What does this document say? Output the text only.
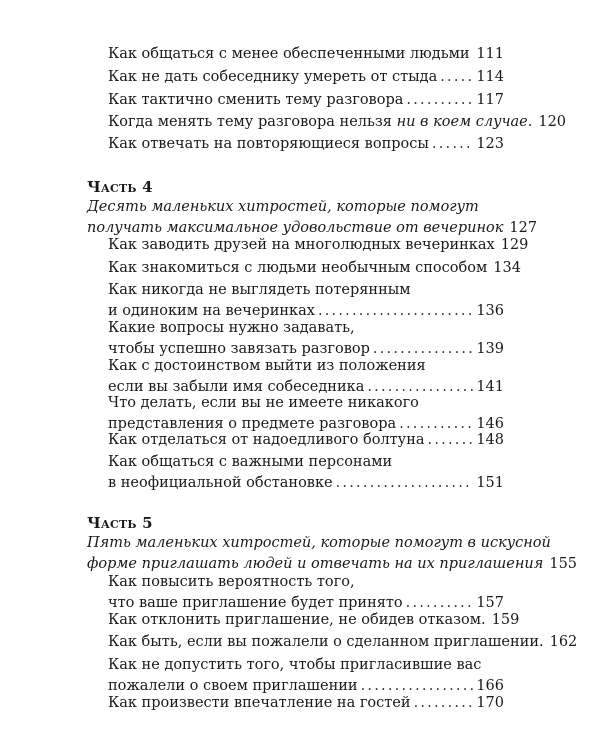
Как общаться с менее обеспеченными людьми ..... 111
Как не дать собеседнику умереть от стыда .....	114
Как тактично сменить тему разговора .....	117
Когда менять тему разговора нельзя ни в коем случае. 120
Как отвечать на повторяющиеся вопросы .....	123
Часть 4
Десять маленьких хитростей, которые помогут
получать максимальное удовольствие от вечеринок 127
Как заводить друзей на многолюдных вечеринках 129
Как знакомиться с людьми необычным способом 134
Как никогда не выглядеть потерянным
и одиноким на вечеринках .....	136
Какие вопросы нужно задавать,
чтобы успешно завязать разговор .....	139
Как с достоинством выйти из положения
если вы забыли имя собеседника .....	141
Что делать, если вы не имеете никакого
представления о предмете разговора .....	146
Как отделаться от надоедливого болтуна .....	148
Как общаться с важными персонами
в неофициальной обстановке .....	151
Часть 5
Пять маленьких хитростей, которые помогут в искусной
форме приглашать людей и отвечать на их приглашения 155
Как повысить вероятность того,
что ваше приглашение будет принято .....	157
Как отклонить приглашение, не обидев отказом. 159
Как быть, если вы пожалели о сделанном приглашении. 162
Как не допустить того, чтобы пригласившие вас
пожалели о своем приглашении .....	166
Как произвести впечатление на гостей .....	170
